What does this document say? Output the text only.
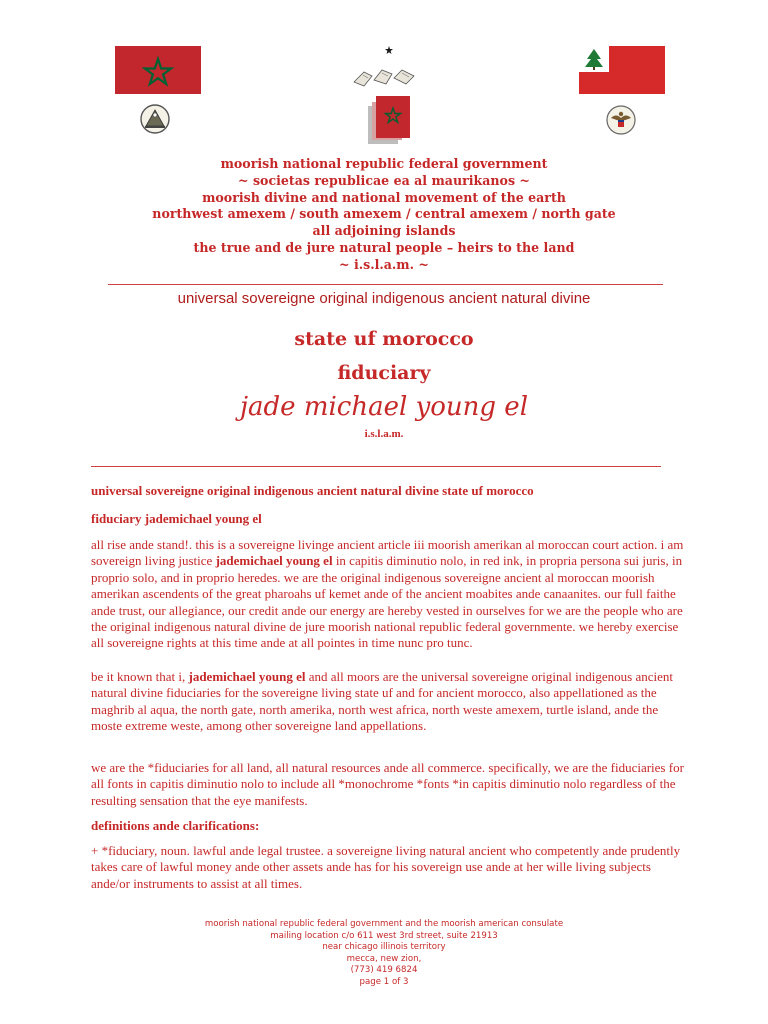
moorish national republic federal government
~ societas republicae ea al maurikanos ~
moorish divine and national movement of the earth
northwest amexem / south amexem / central amexem / north gate
all adjoining islands
the true and de jure natural people – heirs to the land
~ i.s.l.a.m. ~
universal sovereigne original indigenous ancient natural divine
state uf morocco
fiduciary
jade michael young el
i.s.l.a.m.
universal sovereigne original indigenous ancient natural divine state uf morocco
fiduciary jademichael young el
all rise ande stand!. this is a sovereigne livinge ancient article iii moorish amerikan al moroccan court action. i am sovereign living justice jademichael young el in capitis diminutio nolo, in red ink, in propria persona sui juris, in proprio solo, and in proprio heredes. we are the original indigenous sovereigne ancient al moroccan moorish amerikan ascendents of the great pharoahs uf kemet ande of the ancient moabites ande canaanites. our full faithe ande trust, our allegiance, our credit ande our energy are hereby vested in ourselves for we are the people who are the original indigenous natural divine de jure moorish national republic federal governmente. we hereby exercise all sovereigne rights at this time ande at all pointes in time nunc pro tunc.
be it known that i, jademichael young el and all moors are the universal sovereigne original indigenous ancient natural divine fiduciaries for the sovereigne living state uf and for ancient morocco, also appellationed as the maghrib al aqua, the north gate, north amerika, north west africa, north weste amexem, turtle island, ande the moste extreme weste, among other sovereigne land appellations.
we are the *fiduciaries for all land, all natural resources ande all commerce. specifically, we are the fiduciaries for all fonts in capitis diminutio nolo to include all *monochrome *fonts *in capitis diminutio nolo regardless of the resulting sensation that the eye manifests.
definitions ande clarifications:
+ *fiduciary, noun. lawful ande legal trustee. a sovereigne living natural ancient who competently ande prudently takes care of lawful money ande other assets ande has for his sovereign use ande at her wille living subjects ande/or instruments to assist at all times.
moorish national republic federal government and the moorish american consulate
mailing location c/o 611 west 3rd street, suite 21913
near chicago illinois territory
mecca, new zion,
(773) 419 6824
page 1 of 3
